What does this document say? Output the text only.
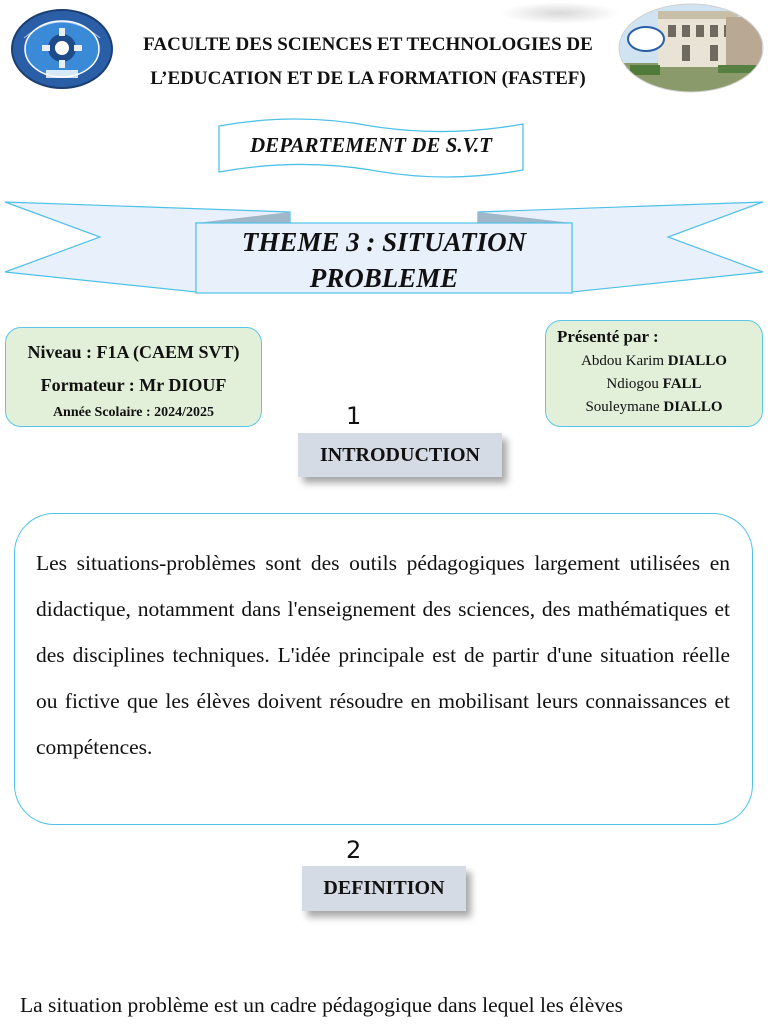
FACULTE DES SCIENCES ET TECHNOLOGIES DE
L’EDUCATION ET DE LA FORMATION (FASTEF)
DEPARTEMENT DE S.V.T
THEME 3 : SITUATION
PROBLEME
Niveau : F1A (CAEM SVT)
Formateur : Mr DIOUF
Année Scolaire : 2024/2025
Présenté par :
Abdou Karim DIALLO
Ndiogou FALL
Souleymane DIALLO
1
INTRODUCTION

Les situations-problèmes sont des outils pédagogiques largement utilisées en didactique, notamment dans l'enseignement des sciences, des mathématiques et des disciplines techniques. L'idée principale est de partir d'une situation réelle ou fictive que les élèves doivent résoudre en mobilisant leurs connaissances et compétences.

2
DEFINITION
La situation problème est un cadre pédagogique dans lequel les élèves
